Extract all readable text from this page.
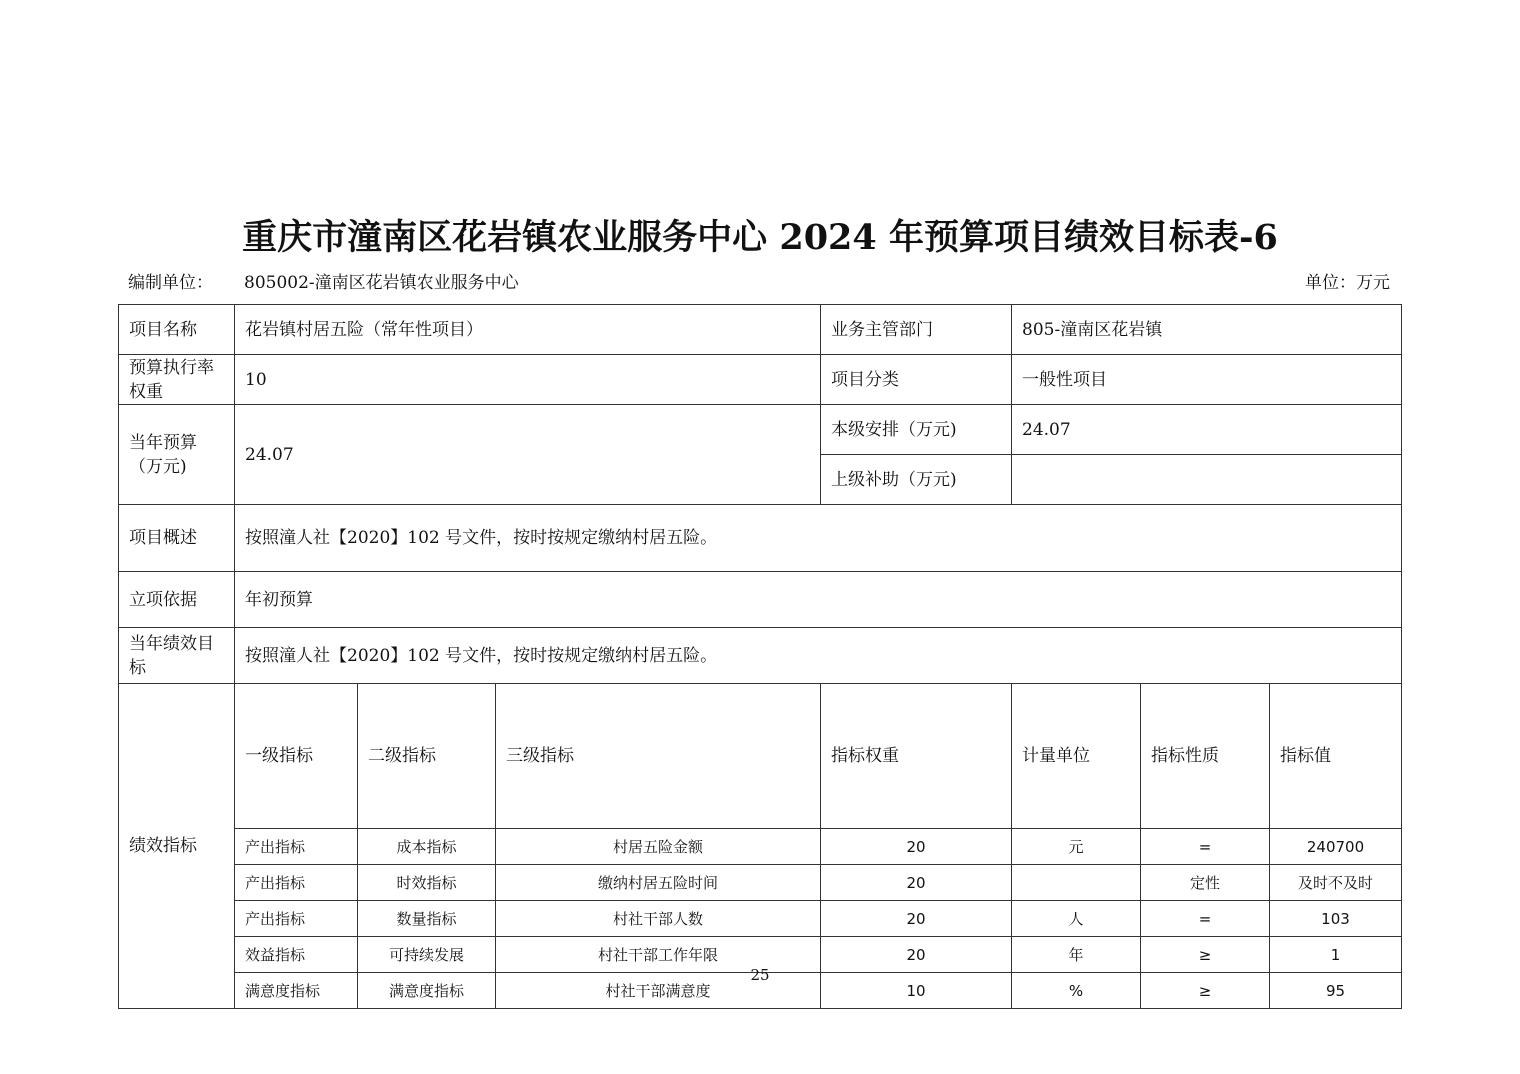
重庆市潼南区花岩镇农业服务中心 2024 年预算项目绩效目标表-6
编制单位： 805002-潼南区花岩镇农业服务中心	单位：万元
项目名称	花岩镇村居五险（常年性项目）			业务主管部门	805-潼南区花岩镇			
预算执行率权重	10			项目分类	一般性项目			
当年预算（万元)	24.07			本级安排（万元)	24.07			
				上级补助（万元)				
项目概述	按照潼人社【2020】102 号文件，按时按规定缴纳村居五险。							
立项依据	年初预算							
当年绩效目标	按照潼人社【2020】102 号文件，按时按规定缴纳村居五险。							
绩效指标	一级指标	二级指标	三级指标	指标权重	计量单位	指标性质	指标值	
	产出指标	成本指标	村居五险金额	20	元	=	240700	
	产出指标	时效指标	缴纳村居五险时间	20		定性	及时不及时	
	产出指标	数量指标	村社干部人数	20	人	=	103	
	效益指标	可持续发展	村社干部工作年限	20	年	≥	1	
	满意度指标	满意度指标	村社干部满意度	10	%	≥	95	
25
